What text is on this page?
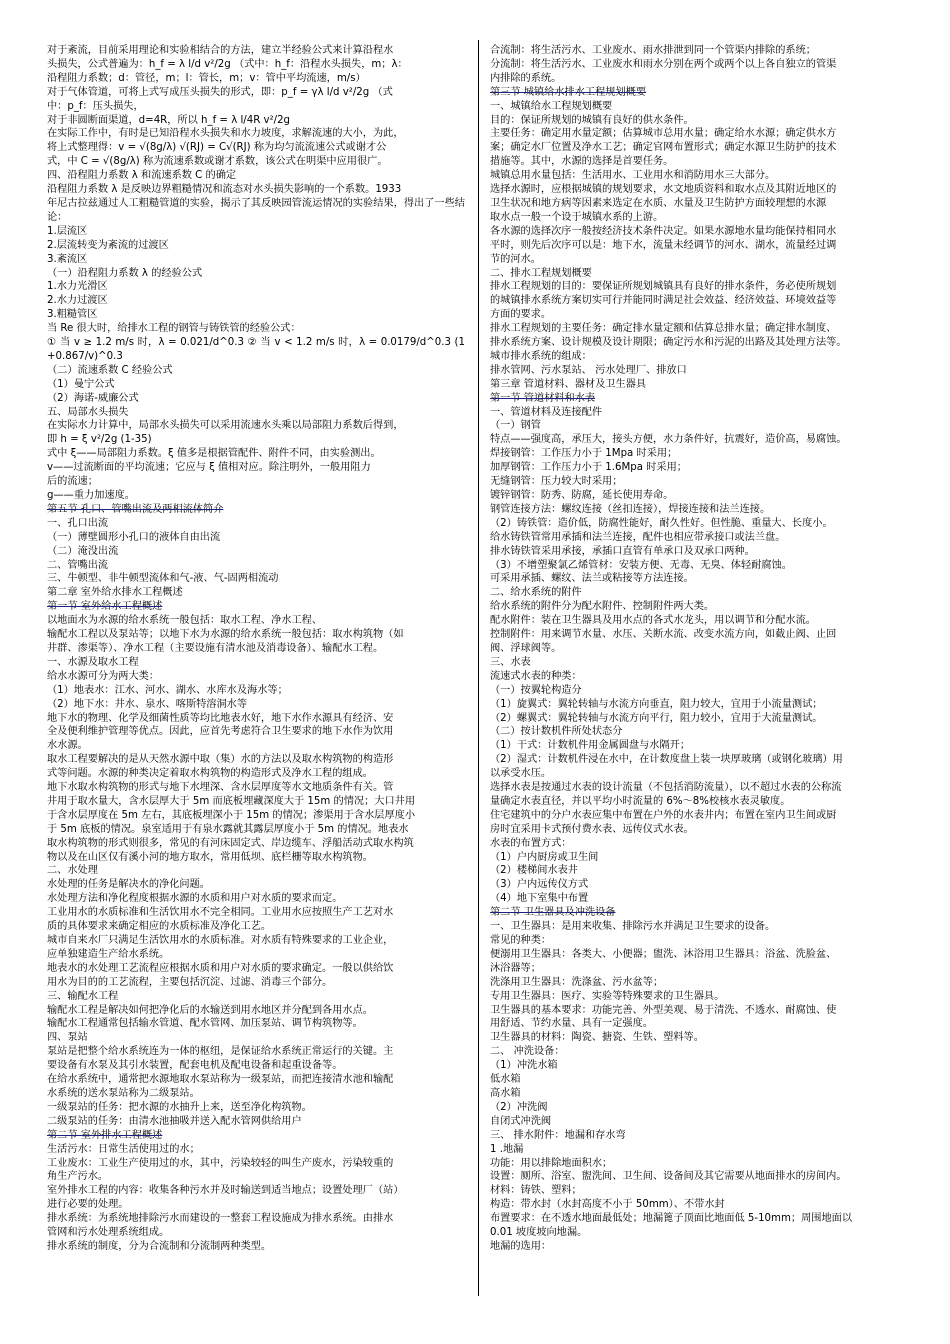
对于紊流，目前采用理论和实验相结合的方法，建立半经验公式来计算沿程水

头损失，公式普遍为：h_f = λ l/d v²/2g （式中：h_f：沿程水头损失，m；λ：

沿程阻力系数；d：管径，m；l：管长，m；v：管中平均流速，m/s）

对于气体管道，可将上式写成压头损失的形式，即：p_f = γλ l/d v²/2g （式

中：p_f：压头损失，

对于非圆断面渠道，d=4R，所以 h_f = λ l/4R v²/2g

在实际工作中，有时是已知沿程水头损失和水力坡度，求解流速的大小，为此，

将上式整理得：v = √(8g/λ) √(RJ) = C√(RJ) 称为均匀流流速公式或谢才公

式，中 C = √(8g/λ) 称为流速系数或谢才系数，该公式在明渠中应用很广。

四、沿程阻力系数 λ 和流速系数 C 的确定

沿程阻力系数 λ 是反映边界粗糙情况和流态对水头损失影响的一个系数。1933

年尼古拉兹通过人工粗糙管道的实验，揭示了其反映园管流运情况的实验结果，得出了一些结论：

1.层流区

2.层流转变为紊流的过渡区

3.紊流区

（一）沿程阻力系数 λ 的经验公式

1.水力光滑区

2.水力过渡区

3.粗糙管区

当 Re 很大时，给排水工程的钢管与铸铁管的经验公式：

① 当 v ≥ 1.2 m/s 时，λ = 0.021/d^0.3 ② 当 v < 1.2 m/s 时，λ = 0.0179/d^0.3 (1+0.867/v)^0.3

（二）流速系数 C 经验公式

（1）曼宁公式

（2）海诺-威廉公式

五、局部水头损失

在实际水力计算中，局部水头损失可以采用流速水头乘以局部阻力系数后得到，

即 h = ξ v²/2g (1-35)

式中 ξ——局部阻力系数。ξ 值多是根据管配件、附件不同，由实验测出。

v——过流断面的平均流速；它应与 ξ 值相对应。除注明外，一般用阻力

后的流速；

g——重力加速度。

第五节 孔口、管嘴出流及两相流体简介

一、孔口出流

（一）薄壁圆形小孔口的液体自由出流

（二）淹没出流

二、管嘴出流

三、牛顿型、非牛顿型流体和气-液、气-固两相流动

第二章 室外给水排水工程概述

第一节 室外给水工程概述

以地面水为水源的给水系统一般包括：取水工程、净水工程、

输配水工程以及泵站等；以地下水为水源的给水系统一般包括：取水构筑物（如

井群、渗渠等）、净水工程（主要设施有清水池及消毒设备）、输配水工程。

一、水源及取水工程

给水水源可分为两大类：

（1）地表水：江水、河水、湖水、水库水及海水等；

（2）地下水：井水、泉水、喀斯特溶洞水等

地下水的物理、化学及细菌性质等均比地表水好，地下水作水源具有经济、安

全及便利维护管理等优点。因此，应首先考虑符合卫生要求的地下水作为饮用

水水源。

取水工程要解决的是从天然水源中取（集）水的方法以及取水构筑物的构造形

式等问题。水源的种类决定着取水构筑物的构造形式及净水工程的组成。

地下水取水构筑物的形式与地下水埋深、含水层厚度等水文地质条件有关。管

井用于取水量大，含水层厚大于 5m 而底板埋藏深度大于 15m 的情况；大口井用

于含水层厚度在 5m 左右，其底板埋深小于 15m 的情况；渗渠用于含水层厚度小

于 5m 底板的情况。泉室适用于有泉水露就其露层厚度小于 5m 的情况。地表水

取水构筑物的形式则很多，常见的有河床固定式、岸边缆车、浮船活动式取水构筑

物以及在山区仅有溪小河的地方取水，常用低坝、底栏栅等取水构筑物。

二、水处理

水处理的任务是解决水的净化问题。

水处理方法和净化程度根据水源的水质和用户对水质的要求而定。

工业用水的水质标准和生活饮用水不完全相同。工业用水应按照生产工艺对水

质的具体要求来确定相应的水质标准及净化工艺。

城市自来水厂只满足生活饮用水的水质标准。对水质有特殊要求的工业企业，

应单独建造生产给水系统。

地表水的水处理工艺流程应根据水质和用户对水质的要求确定。一般以供给饮

用水为目的的工艺流程，主要包括沉淀、过滤、消毒三个部分。

三、输配水工程

输配水工程是解决如何把净化后的水输送到用水地区并分配到各用水点。

输配水工程通常包括输水管道、配水管网、加压泵站、调节构筑物等。

四、泵站

泵站是把整个给水系统连为一体的枢纽，是保证给水系统正常运行的关键。主

要设备有水泵及其引水装置，配套电机及配电设备和起重设备等。

在给水系统中，通常把水源地取水泵站称为一级泵站，而把连接清水池和输配

水系统的送水泵站称为二级泵站。

一级泵站的任务：把水源的水抽升上来，送至净化构筑物。

二级泵站的任务：由清水池抽吸并送入配水管网供给用户

第二节 室外排水工程概述

生活污水：日常生活使用过的水；

工业废水：工业生产使用过的水，其中，污染较轻的叫生产废水，污染较重的

角生产污水。

室外排水工程的内容：收集各种污水并及时输送到适当地点；设置处理厂（站）

进行必要的处理。

排水系统：为系统地排除污水而建设的一整套工程设施成为排水系统。由排水

管网和污水处理系统组成。

排水系统的制度，分为合流制和分流制两种类型。

合流制：将生活污水、工业废水、雨水排泄到同一个管渠内排除的系统；

分流制：将生活污水、工业废水和雨水分别在两个或两个以上各自独立的管渠

内排除的系统。

第三节 城镇给水排水工程规划概要

一、城镇给水工程规划概要

目的：保证所规划的城镇有良好的供水条件。

主要任务：确定用水量定额；估算城市总用水量；确定给水水源；确定供水方

案；确定水厂位置及净水工艺；确定官网布置形式；确定水源卫生防护的技术

措施等。其中，水源的选择是首要任务。

城镇总用水量包括：生活用水、工业用水和消防用水三大部分。

选择水源时，应根据城镇的规划要求，水文地质资料和取水点及其附近地区的

卫生状况和地方病等因素来选定在水质、水量及卫生防护方面较理想的水源

取水点一般一个设于城镇水系的上游。

各水源的选择次序一般按经济技术条件决定。如果水源地水量均能保持相同水

平时，则先后次序可以是：地下水，流量未经调节的河水、湖水，流量经过调

节的河水。

二、排水工程规划概要

排水工程规划的目的：要保证所规划城镇具有良好的排水条件，务必使所规划

的城镇排水系统方案切实可行并能同时满足社会效益、经济效益、环境效益等

方面的要求。

排水工程规划的主要任务：确定排水量定额和估算总排水量；确定排水制度、

排水系统方案、设计规模及设计期限；确定污水和污泥的出路及其处理方法等。

城市排水系统的组成：

排水管网、污水泵站、 污水处理厂、排放口

第三章 管道材料、器材及卫生器具

第一节 管道材料和水表

一、管道材料及连接配件

（一）钢管

特点——强度高，承压大，接头方便，水力条件好，抗震好，造价高，易腐蚀。

焊接钢管：工作压力小于 1Mpa 时采用；

加厚钢管：工作压力小于 1.6Mpa 时采用；

无缝钢管：压力较大时采用；

镀锌钢管：防秀、防腐，延长使用寿命。

钢管连接方法：螺纹连接（丝扣连接），焊接连接和法兰连接。

（2）铸铁管：造价低，防腐性能好，耐久性好。但性脆、重量大、长度小。

给水铸铁管常用承插和法兰连接，配件也相应带承接口或法兰盘。

排水铸铁管采用承接，承插口直管有单承口及双承口两种。

（3）不增塑聚氯乙烯管材：安装方便、无毒、无臭、体轻耐腐蚀。

可采用承插、螺纹、法兰或粘接等方法连接。

二、给水系统的附件

给水系统的附件分为配水附件、控制附件两大类。

配水附件：装在卫生器具及用水点的各式水龙头，用以调节和分配水流。

控制附件：用来调节水量、水压、关断水流、改变水流方向，如截止阀、止回

阀、浮球阀等。

三、水表

流速式水表的种类：

（一）按翼轮构造分

（1）旋翼式：翼轮转轴与水流方向垂直，阻力较大，宜用于小流量测试；

（2）螺翼式：翼轮转轴与水流方向平行，阻力较小，宜用于大流量测试。

（二）按计数机件所处状态分

（1）干式：计数机件用金属圆盘与水隔开；

（2）湿式：计数机件浸在水中，在计数度盘上装一块厚玻璃（或钢化玻璃）用

以承受水压。

选择水表是按通过水表的设计流量（不包括消防流量），以不超过水表的公称流

量确定水表直径，并以平均小时流量的 6%～8%校核水表灵敏度。

住宅建筑中的分户水表应集中布置在户外的水表井内；布置在室内卫生间或厨

房时宜采用卡式预付费水表、远传仪式水表。

水表的布置方式：

（1）户内厨房或卫生间

（2）楼梯间水表井

（3）户内远传仪方式

（4）地下室集中布置

第二节 卫生器具及冲洗设备

一、卫生器具：是用来收集、排除污水并满足卫生要求的设备。

常见的种类：

便溺用卫生器具：各类大、小便器；盥洗、沐浴用卫生器具：浴盆、洗脸盆、

沐浴器等；

洗涤用卫生器具：洗涤盆、污水盆等；

专用卫生器具：医疗、实验等特殊要求的卫生器具。

卫生器具的基本要求：功能完善、外型美观、易于清洗、不透水、耐腐蚀、使

用舒适、节约水量、具有一定强度。

卫生器具的材料：陶瓷、搪瓷、生铁、塑料等。

二、 冲洗设备：

（1）冲洗水箱

低水箱

高水箱

（2）冲洗阀

自闭式冲洗阀

三、 排水附件：地漏和存水弯

1 .地漏

功能：用以排除地面积水；

设置：厕所、浴室、盥洗间、卫生间、设备间及其它需要从地面排水的房间内。

材料：铸铁、塑料；

构造：带水封（水封高度不小于 50mm）、不带水封

布置要求：在不透水地面最低处；地漏篦子顶面比地面低 5-10mm；周围地面以

0.01 坡度坡向地漏。

地漏的选用：
